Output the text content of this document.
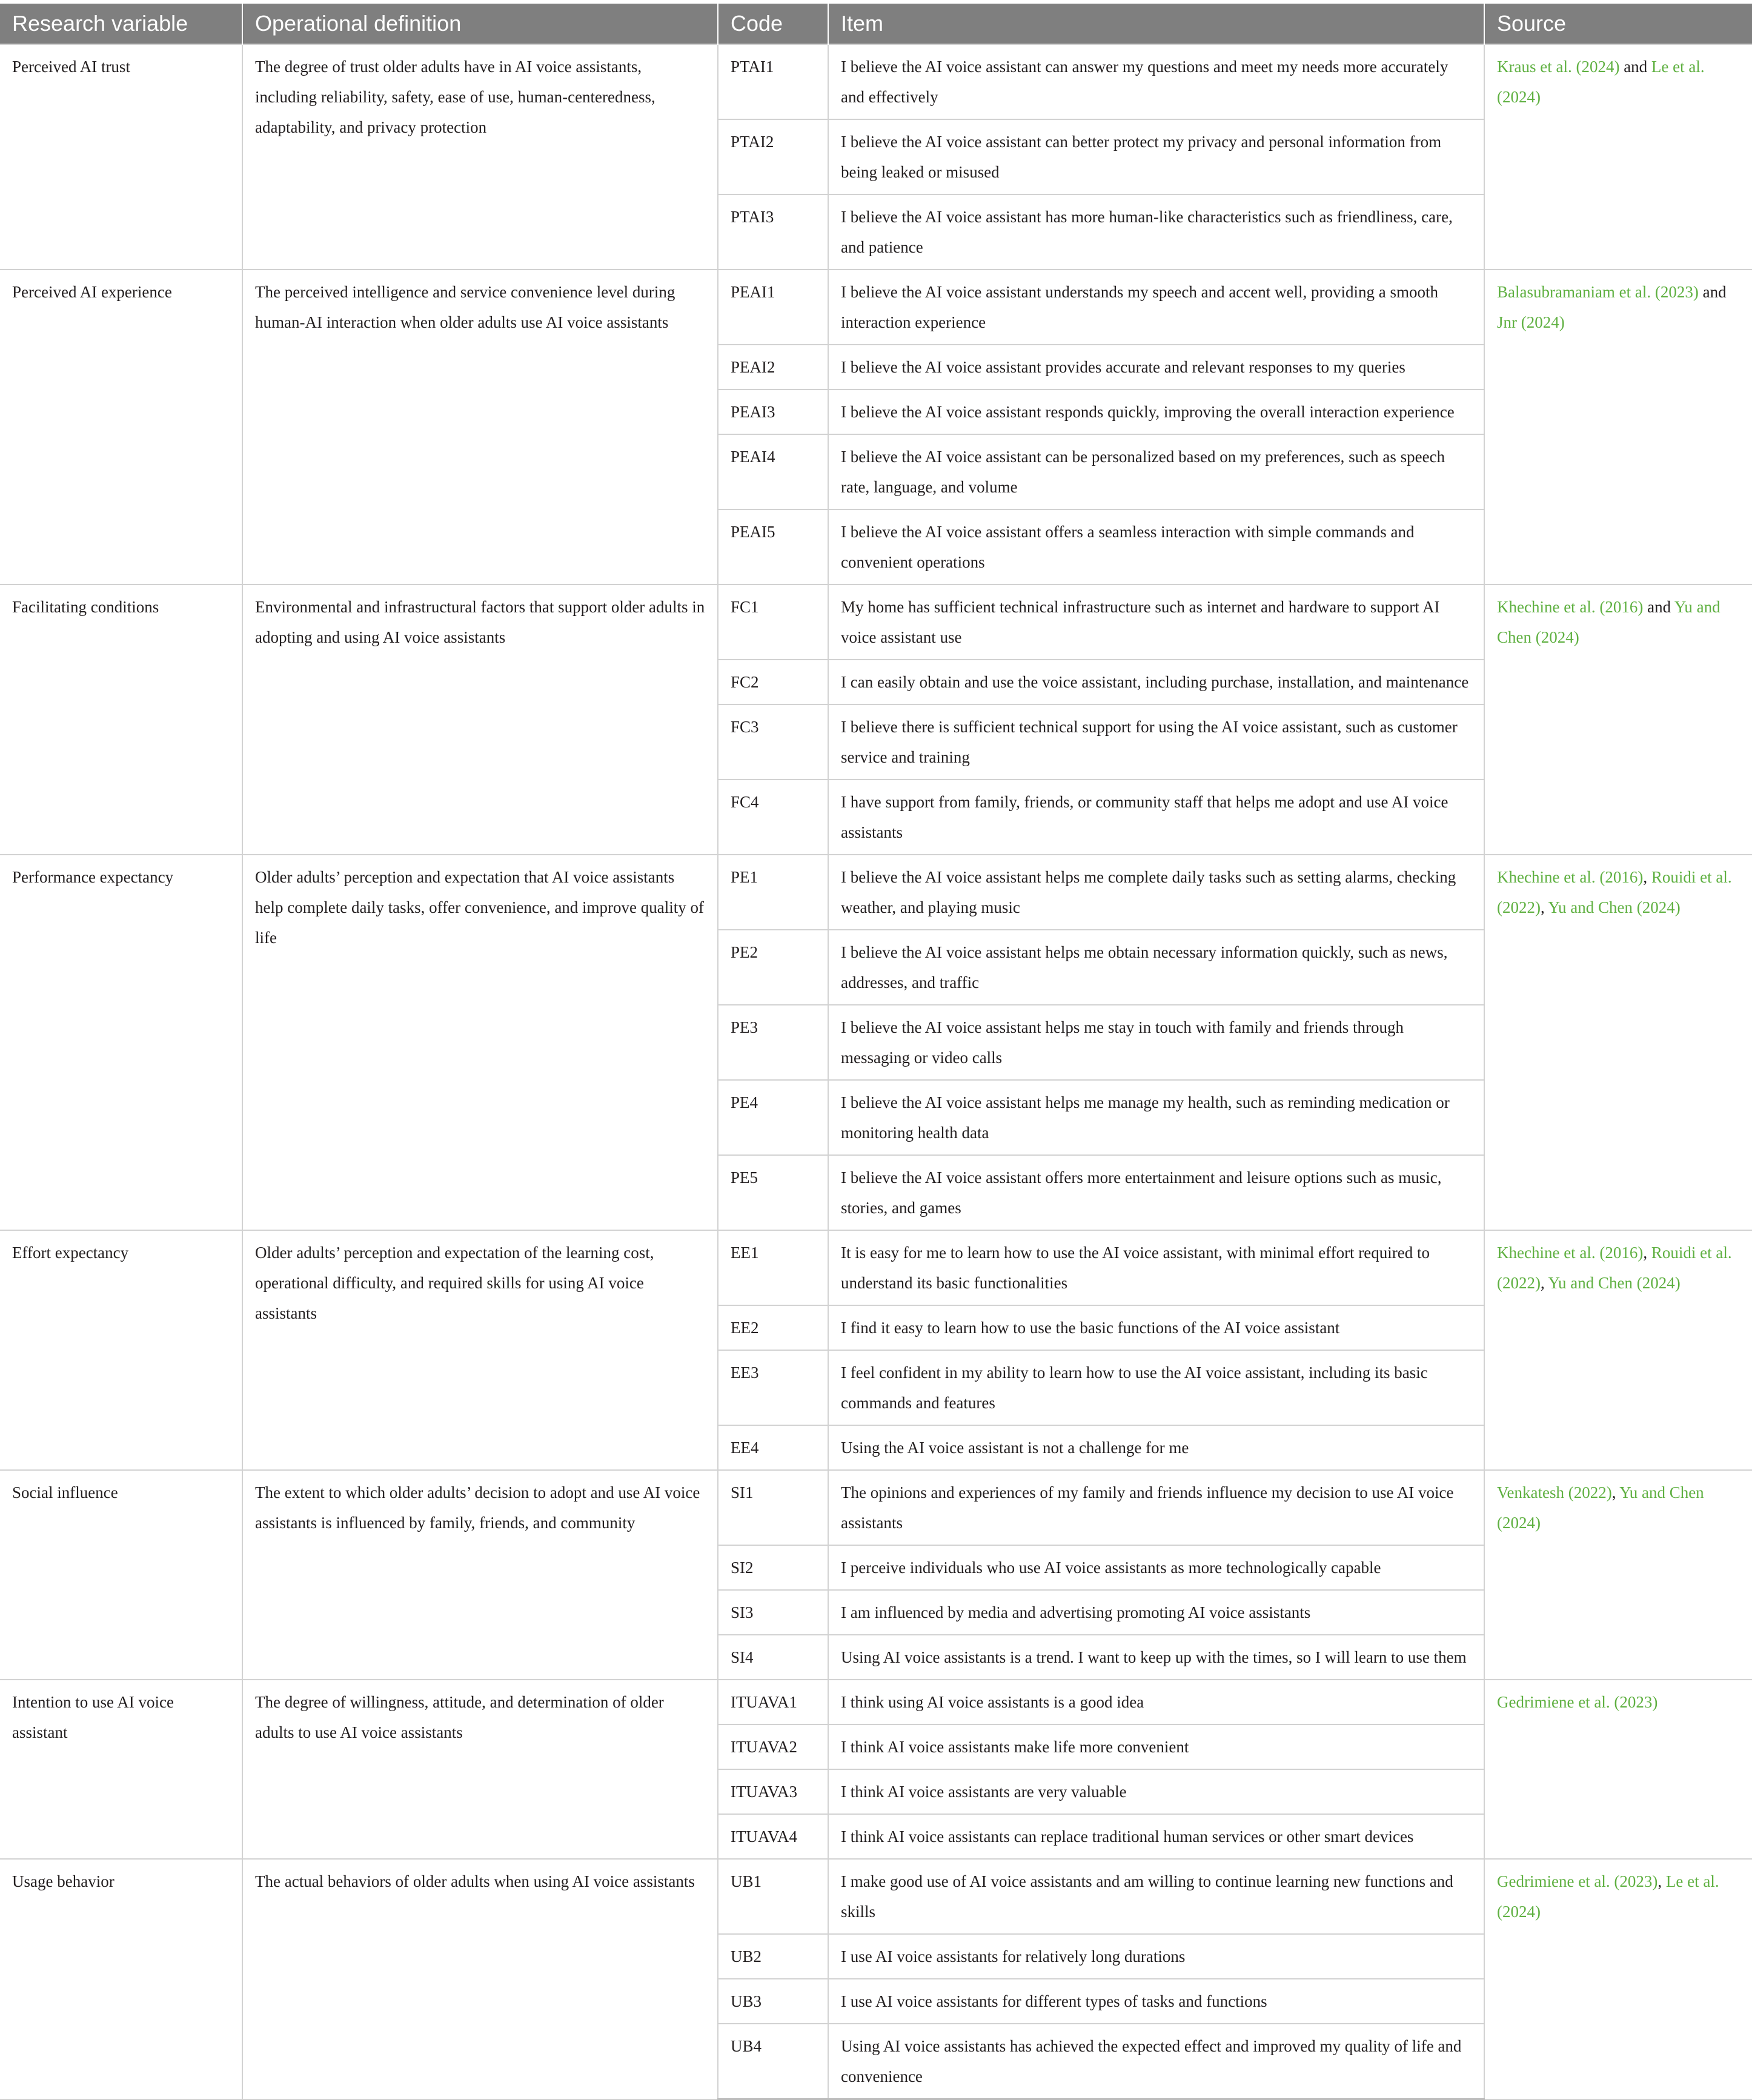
Research variable	Operational definition	Code	Item	Source
Perceived AI trust	The degree of trust older adults have in AI voice assistants, including reliability, safety, ease of use, human-centeredness, adaptability, and privacy protection	PTAI1	I believe the AI voice assistant can answer my questions and meet my needs more accurately and effectively	Kraus et al. (2024) and Le et al. (2024)
		PTAI2	I believe the AI voice assistant can better protect my privacy and personal information from being leaked or misused	
		PTAI3	I believe the AI voice assistant has more human-like characteristics such as friendliness, care, and patience	
Perceived AI experience	The perceived intelligence and service convenience level during human-AI interaction when older adults use AI voice assistants	PEAI1	I believe the AI voice assistant understands my speech and accent well, providing a smooth interaction experience	Balasubramaniam et al. (2023) and Jnr (2024)
		PEAI2	I believe the AI voice assistant provides accurate and relevant responses to my queries	
		PEAI3	I believe the AI voice assistant responds quickly, improving the overall interaction experience	
		PEAI4	I believe the AI voice assistant can be personalized based on my preferences, such as speech rate, language, and volume	
		PEAI5	I believe the AI voice assistant offers a seamless interaction with simple commands and convenient operations	
Facilitating conditions	Environmental and infrastructural factors that support older adults in adopting and using AI voice assistants	FC1	My home has sufficient technical infrastructure such as internet and hardware to support AI voice assistant use	Khechine et al. (2016) and Yu and Chen (2024)
		FC2	I can easily obtain and use the voice assistant, including purchase, installation, and maintenance	
		FC3	I believe there is sufficient technical support for using the AI voice assistant, such as customer service and training	
		FC4	I have support from family, friends, or community staff that helps me adopt and use AI voice assistants	
Performance expectancy	Older adults’ perception and expectation that AI voice assistants help complete daily tasks, offer convenience, and improve quality of life	PE1	I believe the AI voice assistant helps me complete daily tasks such as setting alarms, checking weather, and playing music	Khechine et al. (2016), Rouidi et al. (2022), Yu and Chen (2024)
		PE2	I believe the AI voice assistant helps me obtain necessary information quickly, such as news, addresses, and traffic	
		PE3	I believe the AI voice assistant helps me stay in touch with family and friends through messaging or video calls	
		PE4	I believe the AI voice assistant helps me manage my health, such as reminding medication or monitoring health data	
		PE5	I believe the AI voice assistant offers more entertainment and leisure options such as music, stories, and games	
Effort expectancy	Older adults’ perception and expectation of the learning cost, operational difficulty, and required skills for using AI voice assistants	EE1	It is easy for me to learn how to use the AI voice assistant, with minimal effort required to understand its basic functionalities	Khechine et al. (2016), Rouidi et al. (2022), Yu and Chen (2024)
		EE2	I find it easy to learn how to use the basic functions of the AI voice assistant	
		EE3	I feel confident in my ability to learn how to use the AI voice assistant, including its basic commands and features	
		EE4	Using the AI voice assistant is not a challenge for me	
Social influence	The extent to which older adults’ decision to adopt and use AI voice assistants is influenced by family, friends, and community	SI1	The opinions and experiences of my family and friends influence my decision to use AI voice assistants	Venkatesh (2022), Yu and Chen (2024)
		SI2	I perceive individuals who use AI voice assistants as more technologically capable	
		SI3	I am influenced by media and advertising promoting AI voice assistants	
		SI4	Using AI voice assistants is a trend. I want to keep up with the times, so I will learn to use them	
Intention to use AI voice assistant	The degree of willingness, attitude, and determination of older adults to use AI voice assistants	ITUAVA1	I think using AI voice assistants is a good idea	Gedrimiene et al. (2023)
		ITUAVA2	I think AI voice assistants make life more convenient	
		ITUAVA3	I think AI voice assistants are very valuable	
		ITUAVA4	I think AI voice assistants can replace traditional human services or other smart devices	
Usage behavior	The actual behaviors of older adults when using AI voice assistants	UB1	I make good use of AI voice assistants and am willing to continue learning new functions and skills	Gedrimiene et al. (2023), Le et al. (2024)
		UB2	I use AI voice assistants for relatively long durations	
		UB3	I use AI voice assistants for different types of tasks and functions	
		UB4	Using AI voice assistants has achieved the expected effect and improved my quality of life and convenience	
